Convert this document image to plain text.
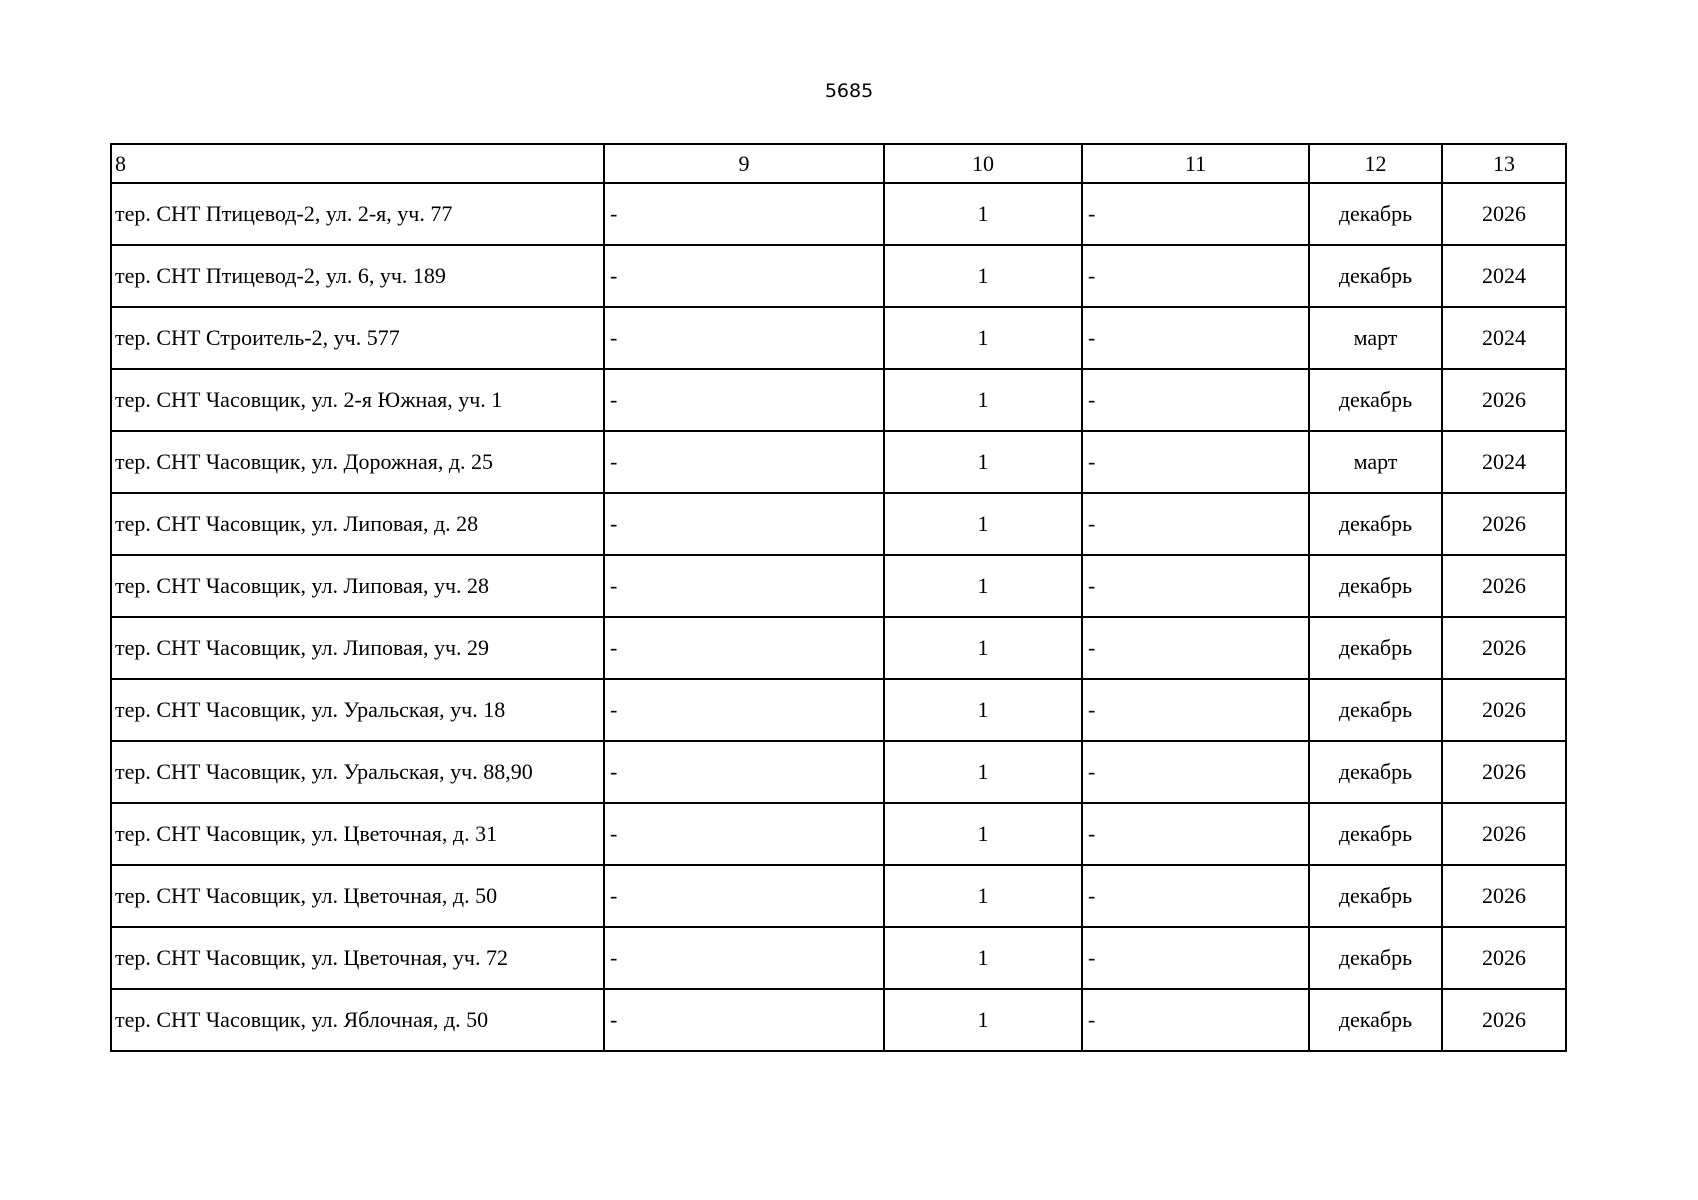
5685
8	9	10	11	12	13
тер. СНТ Птицевод-2, ул. 2-я, уч. 77	-	1	-	декабрь	2026
тер. СНТ Птицевод-2, ул. 6, уч. 189	-	1	-	декабрь	2024
тер. СНТ Строитель-2, уч. 577	-	1	-	март	2024
тер. СНТ Часовщик, ул. 2-я Южная, уч. 1	-	1	-	декабрь	2026
тер. СНТ Часовщик, ул. Дорожная, д. 25	-	1	-	март	2024
тер. СНТ Часовщик, ул. Липовая, д. 28	-	1	-	декабрь	2026
тер. СНТ Часовщик, ул. Липовая, уч. 28	-	1	-	декабрь	2026
тер. СНТ Часовщик, ул. Липовая, уч. 29	-	1	-	декабрь	2026
тер. СНТ Часовщик, ул. Уральская, уч. 18	-	1	-	декабрь	2026
тер. СНТ Часовщик, ул. Уральская, уч. 88,90	-	1	-	декабрь	2026
тер. СНТ Часовщик, ул. Цветочная, д. 31	-	1	-	декабрь	2026
тер. СНТ Часовщик, ул. Цветочная, д. 50	-	1	-	декабрь	2026
тер. СНТ Часовщик, ул. Цветочная, уч. 72	-	1	-	декабрь	2026
тер. СНТ Часовщик, ул. Яблочная, д. 50	-	1	-	декабрь	2026
